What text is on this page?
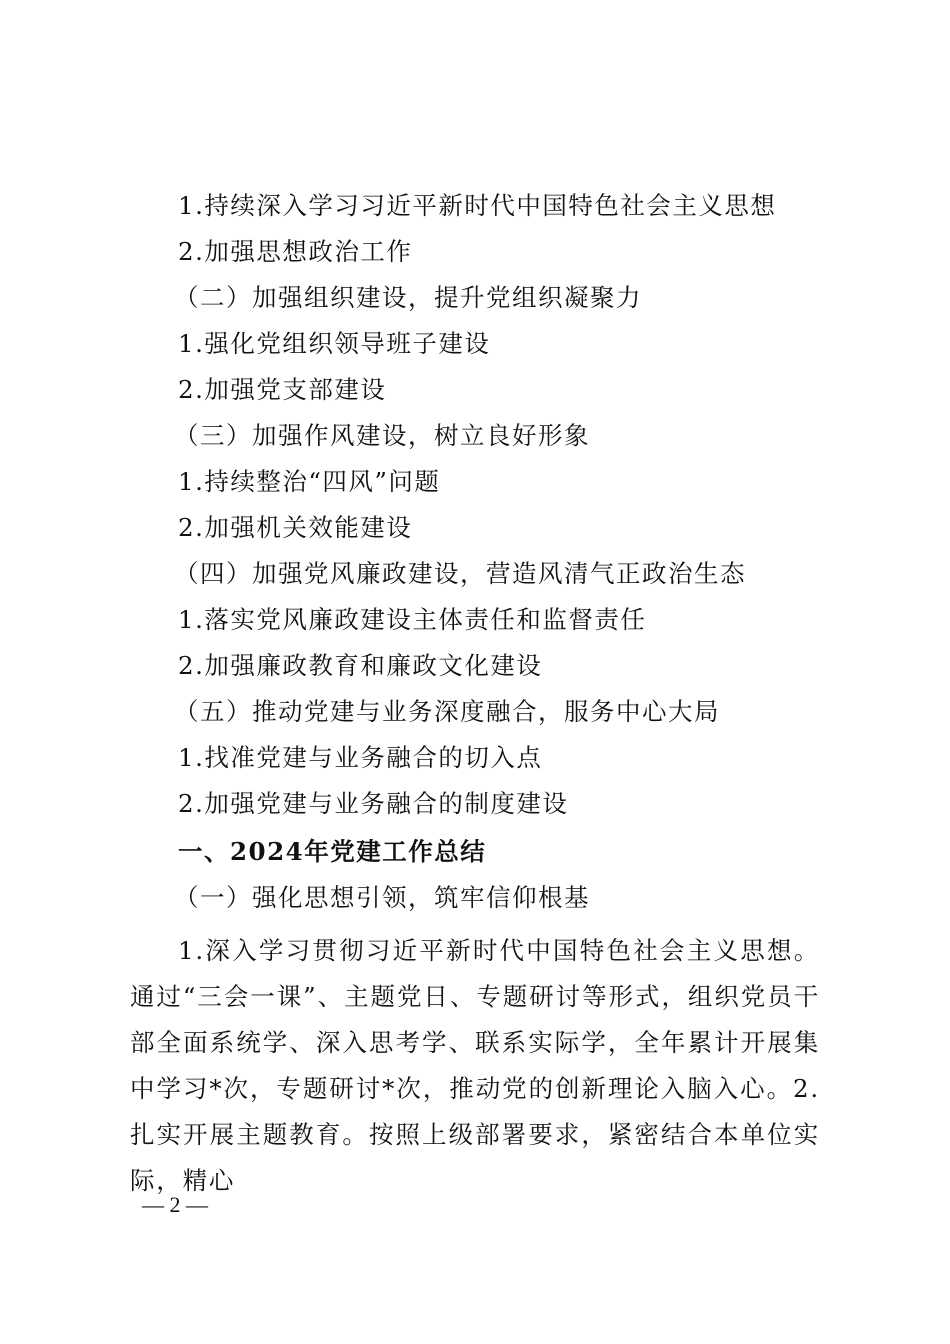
1.持续深入学习习近平新时代中国特色社会主义思想
2.加强思想政治工作
（二）加强组织建设，提升党组织凝聚力
1.强化党组织领导班子建设
2.加强党支部建设
（三）加强作风建设，树立良好形象
1.持续整治“四风”问题
2.加强机关效能建设
（四）加强党风廉政建设，营造风清气正政治生态
1.落实党风廉政建设主体责任和监督责任
2.加强廉政教育和廉政文化建设
（五）推动党建与业务深度融合，服务中心大局
1.找准党建与业务融合的切入点
2.加强党建与业务融合的制度建设
一、2024年党建工作总结
（一）强化思想引领，筑牢信仰根基
1.深入学习贯彻习近平新时代中国特色社会主义思想。通过“三会一课”、主题党日、专题研讨等形式，组织党员干部全面系统学、深入思考学、联系实际学，全年累计开展集中学习*次，专题研讨*次，推动党的创新理论入脑入心。2.扎实开展主题教育。按照上级部署要求，紧密结合本单位实际，精心
— 2 —
